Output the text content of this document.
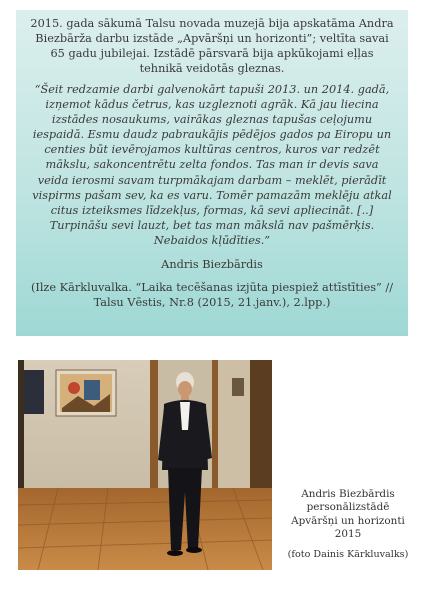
2015. gada sākumā Talsu novada muzejā bija apskatāma Andra Biezbārža darbu izstāde „Apvāršņi un horizonti”; veltīta savai 65 gadu jubilejai. Izstādē pārsvarā bija apkūkojami eļļas tehnikā veidotās gleznas.

“Šeit redzamie darbi galvenokārt tapuši 2013. un 2014. gadā, izņemot kādus četrus, kas uzgleznoti agrāk. Kā jau liecina izstādes nosaukums, vairākas gleznas tapušas ceļojumu iespaidā. Esmu daudz pabraukājis pēdējos gados pa Eiropu un centies būt ievērojamos kultūras centros, kuros var redzēt mākslu, sakoncentrētu zelta fondos. Tas man ir devis sava veida ierosmi savam turpmākajam darbam – meklēt, pierādīt vispirms pašam sev, ka es varu. Tomēr pamazām meklēju atkal citus izteiksmes līdzekļus, formas, kā sevi apliecināt. [..] Turpināšu sevi lauzt, bet tas man mākslā nav pašmērķis. Nebaidos kļūdīties.”

Andris Biezbārdis

(Ilze Kārkluvalka. “Laika tecēšanas izjūta piespiež attīstīties” // Talsu Vēstis, Nr.8 (2015, 21.janv.), 2.lpp.)

Andris Biezbārdis
personālizstādē
Apvāršņi un horizonti
2015
(foto Dainis Kārkluvalks)
